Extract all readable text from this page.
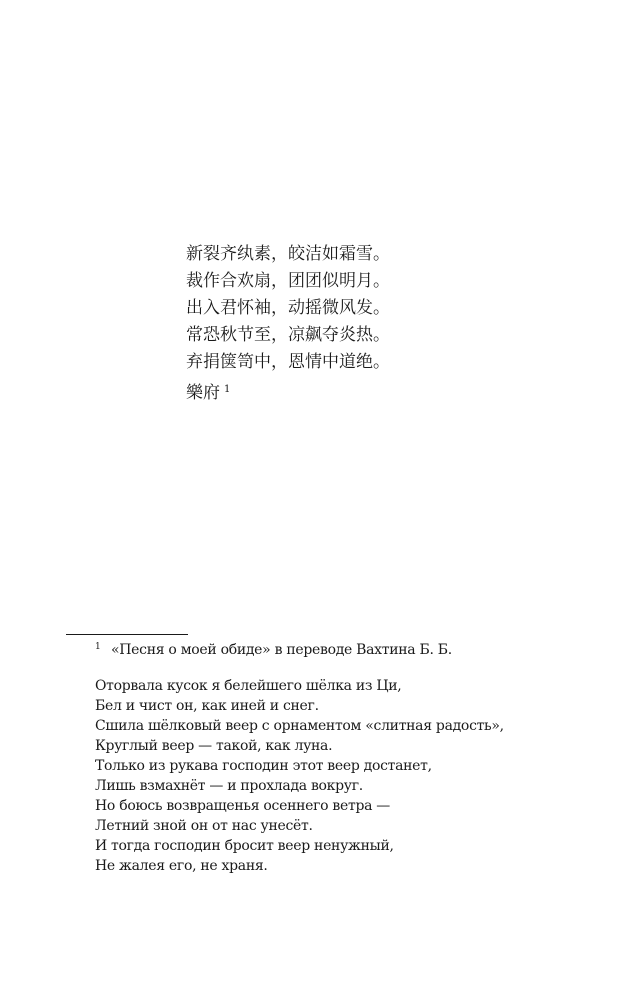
新裂齐纨素，皎洁如霜雪。
裁作合欢扇，团团似明月。
出入君怀袖，动摇微风发。
常恐秋节至，凉飙夺炎热。
弃捐箧笥中，恩情中道绝。
樂府 $^1$
1 «Песня о моей обиде» в переводе Вахтина Б. Б.
Оторвала кусок я белейшего шёлка из Ци,
Бел и чист он, как иней и снег.
Сшила шёлковый веер с орнаментом «слитная радость»,
Круглый веер — такой, как луна.
Только из рукава господин этот веер достанет,
Лишь взмахнёт — и прохлада вокруг.
Но боюсь возвращенья осеннего ветра —
Летний зной он от нас унесёт.
И тогда господин бросит веер ненужный,
Не жалея его, не храня.
